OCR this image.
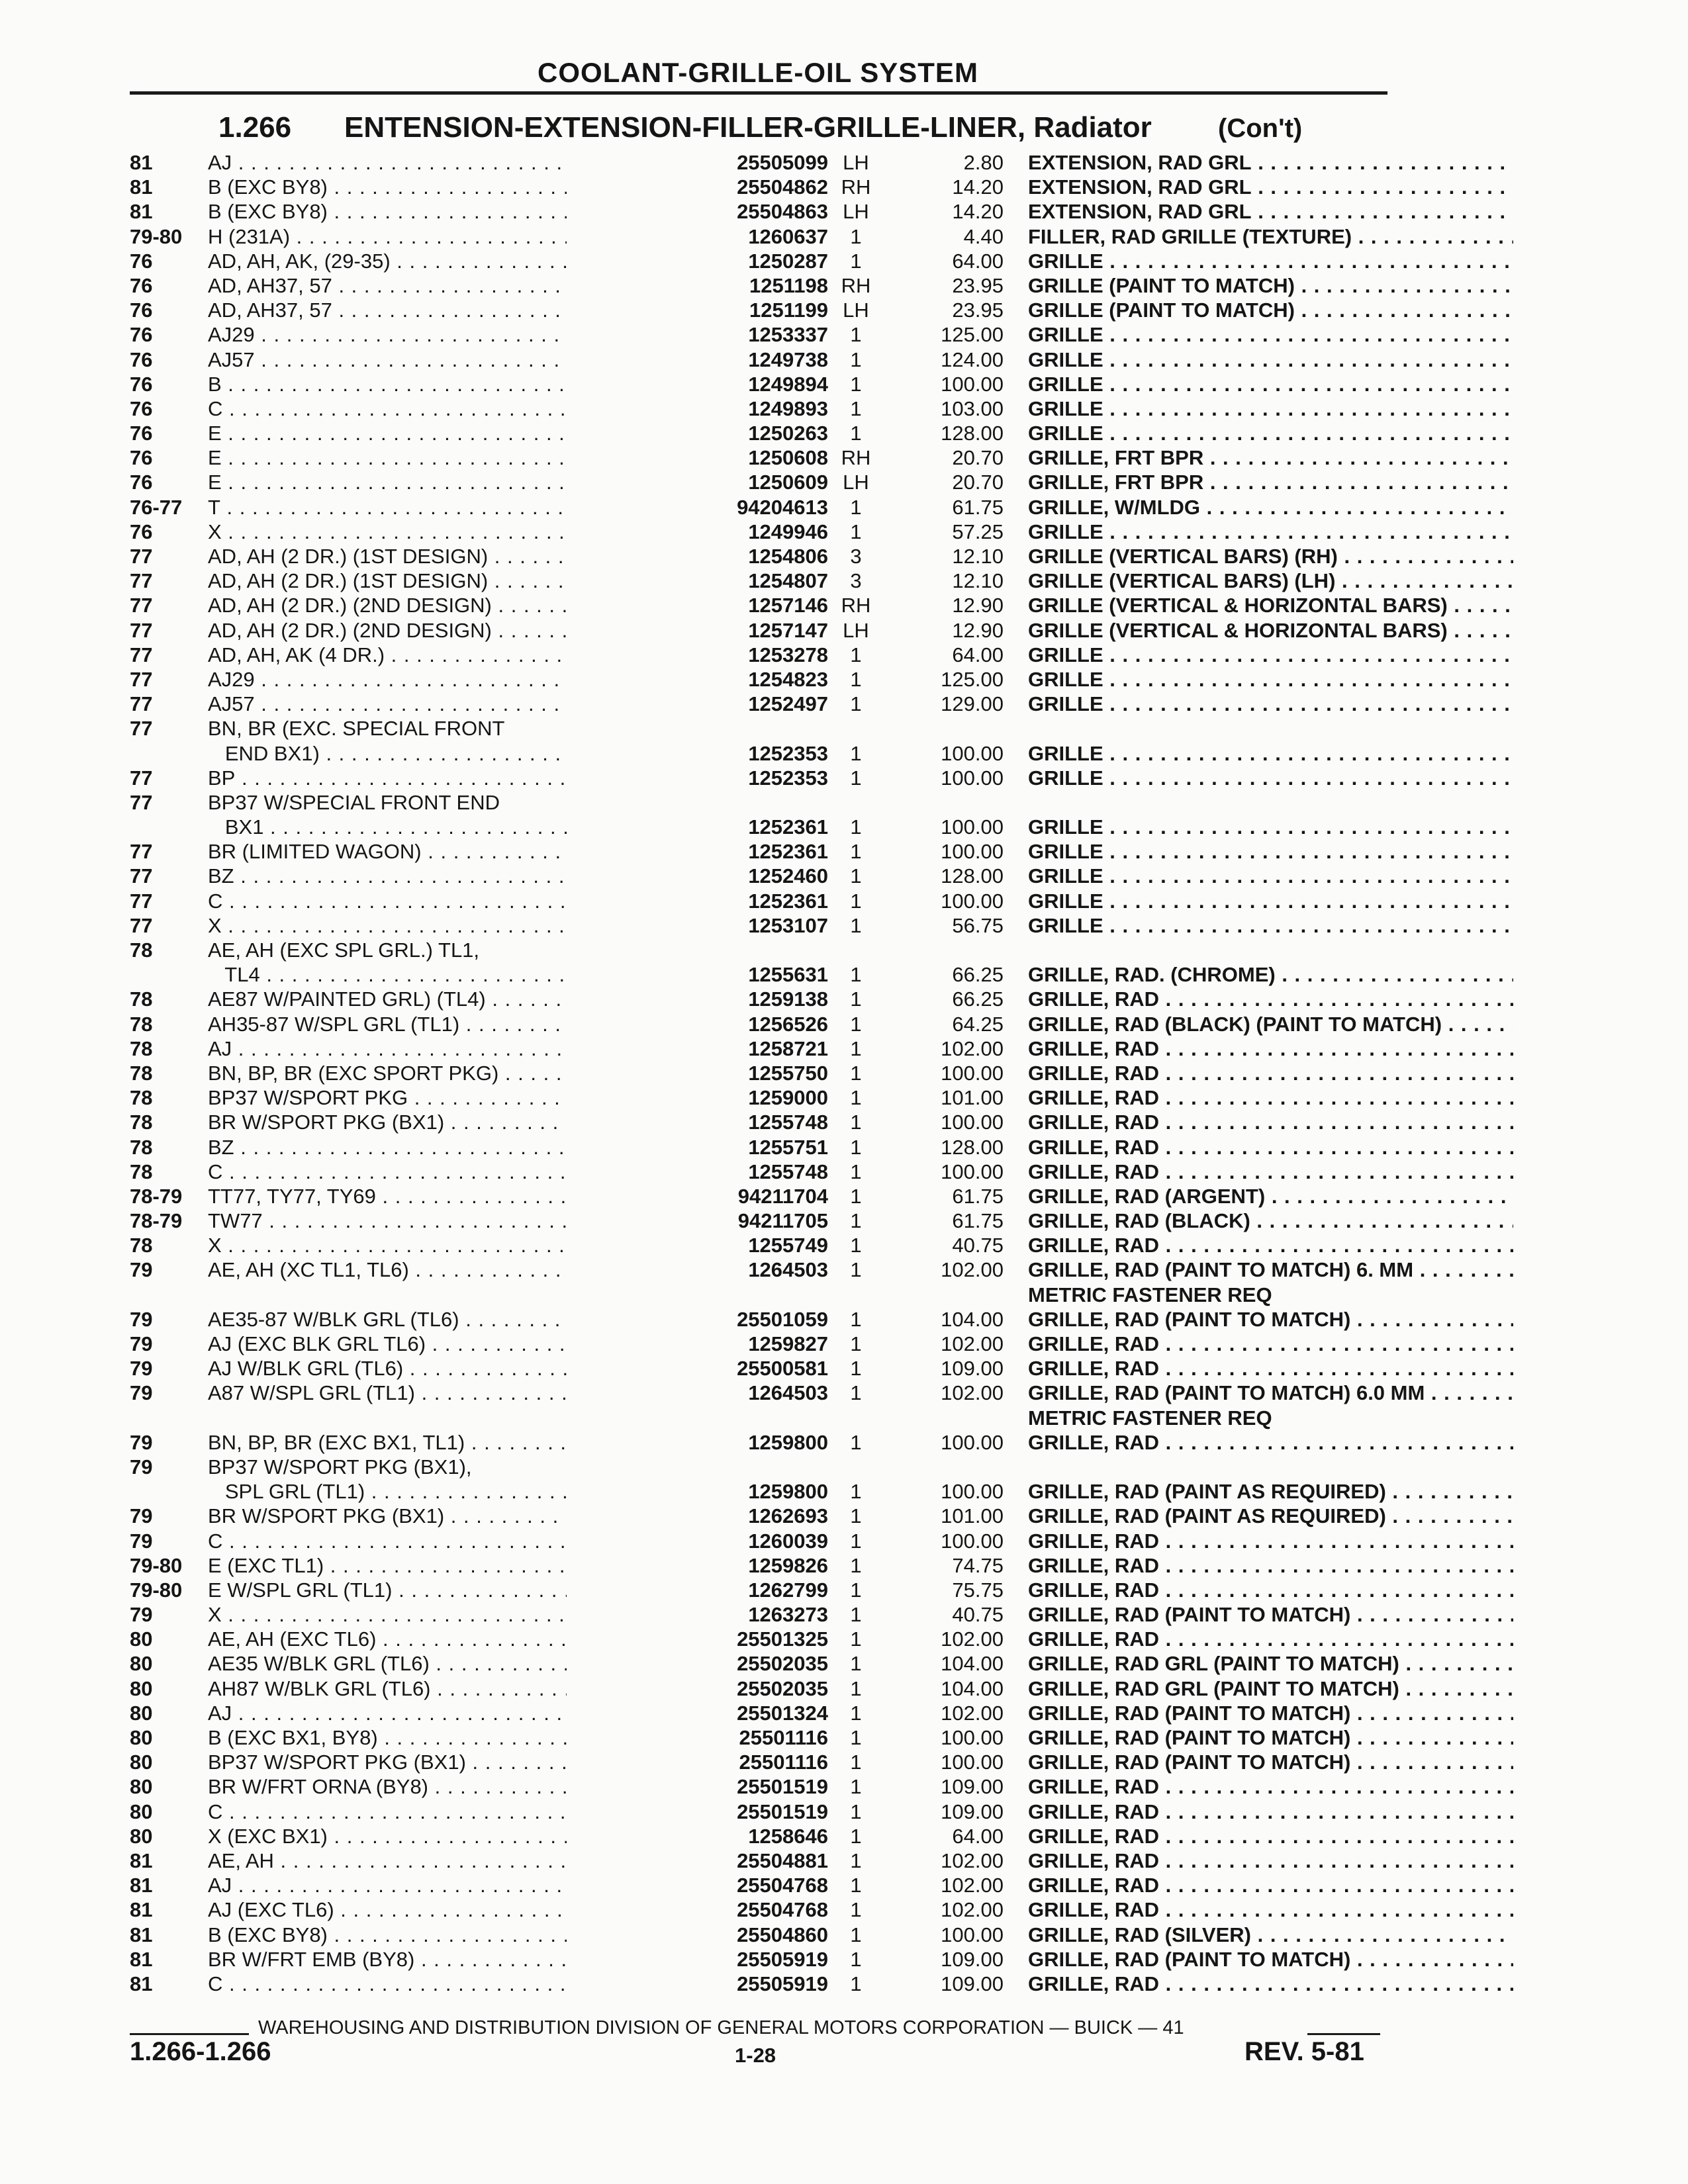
COOLANT-GRILLE-OIL SYSTEM
1.266 ENTENSION-EXTENSION-FILLER-GRILLE-LINER, Radiator	(Con't)
81	AJ . . .	25505099 LH	2.80 EXTENSION, RAD GRL . . .
81	B (EXC BY8) . . .	25504862 RH	14.20 EXTENSION, RAD GRL . . .
81	B (EXC BY8) . . .	25504863 LH	14.20 EXTENSION, RAD GRL . . .
79-80	H (231A) . . .	1260637	1	4.40 FILLER, RAD GRILLE (TEXTURE) . . .
76	AD, AH, AK, (29-35) . . .	1250287	1	64.00 GRILLE . . .
76	AD, AH37, 57 . . .	1251198 RH	23.95 GRILLE (PAINT TO MATCH) . . .
76	AD, AH37, 57 . . .	1251199 LH	23.95 GRILLE (PAINT TO MATCH) . . .
76	AJ29 . . .	1253337	1	125.00 GRILLE . . .
76	AJ57 . . .	1249738	1	124.00 GRILLE . . .
76	B . . .	1249894	1	100.00 GRILLE . . .
76	C . . .	1249893	1	103.00 GRILLE . . .
76	E . . .	1250263	1	128.00 GRILLE . . .
76	E . . .	1250608 RH	20.70 GRILLE, FRT BPR . . .
76	E . . .	1250609 LH	20.70 GRILLE, FRT BPR . . .
76-77	T . . .	94204613	1	61.75 GRILLE, W/MLDG . . .
76	X . . .	1249946	1	57.25 GRILLE . . .
77	AD, AH (2 DR.) (1ST DESIGN) . . .	1254806	3	12.10 GRILLE (VERTICAL BARS) (RH) . . .
77	AD, AH (2 DR.) (1ST DESIGN) . . .	1254807	3	12.10 GRILLE (VERTICAL BARS) (LH) . . .
77	AD, AH (2 DR.) (2ND DESIGN) . . .	1257146 RH	12.90 GRILLE (VERTICAL & HORIZONTAL BARS) . . .
77	AD, AH (2 DR.) (2ND DESIGN) . . .	1257147 LH	12.90 GRILLE (VERTICAL & HORIZONTAL BARS) . . .
77	AD, AH, AK (4 DR.) . . .	1253278	1	64.00 GRILLE . . .
77	AJ29 . . .	1254823	1	125.00 GRILLE . . .
77	AJ57 . . .	1252497	1	129.00 GRILLE . . .
77	BN, BR (EXC. SPECIAL FRONT
END BX1) . . .	1252353	1	100.00 GRILLE . . .
77	BP . . .	1252353	1	100.00 GRILLE . . .
77	BP37 W/SPECIAL FRONT END
BX1 . . .	1252361	1	100.00 GRILLE . . .
77	BR (LIMITED WAGON) . . .	1252361	1	100.00 GRILLE . . .
77	BZ . . .	1252460	1	128.00 GRILLE . . .
77	C . . .	1252361	1	100.00 GRILLE . . .
77	X . . .	1253107	1	56.75 GRILLE . . .
78	AE, AH (EXC SPL GRL.) TL1,
TL4 . . .	1255631	1	66.25 GRILLE, RAD. (CHROME) . . .
78	AE87 W/PAINTED GRL) (TL4) . . .	1259138	1	66.25 GRILLE, RAD . . .
78	AH35-87 W/SPL GRL (TL1) . . .	1256526	1	64.25 GRILLE, RAD (BLACK) (PAINT TO MATCH) . . .
78	AJ . . .	1258721	1	102.00 GRILLE, RAD . . .
78	BN, BP, BR (EXC SPORT PKG) . . .	1255750	1	100.00 GRILLE, RAD . . .
78	BP37 W/SPORT PKG . . .	1259000	1	101.00 GRILLE, RAD . . .
78	BR W/SPORT PKG (BX1) . . .	1255748	1	100.00 GRILLE, RAD . . .
78	BZ . . .	1255751	1	128.00 GRILLE, RAD . . .
78	C . . .	1255748	1	100.00 GRILLE, RAD . . .
78-79	TT77, TY77, TY69 . . .	94211704	1	61.75 GRILLE, RAD (ARGENT) . . .
78-79	TW77 . . .	94211705	1	61.75 GRILLE, RAD (BLACK) . . .
78	X . . .	1255749	1	40.75 GRILLE, RAD . . .
79	AE, AH (XC TL1, TL6) . . .	1264503	1	102.00 GRILLE, RAD (PAINT TO MATCH) 6. MM . . .
METRIC FASTENER REQ
79	AE35-87 W/BLK GRL (TL6) . . .	25501059	1	104.00 GRILLE, RAD (PAINT TO MATCH) . . .
79	AJ (EXC BLK GRL TL6) . . .	1259827	1	102.00 GRILLE, RAD . . .
79	AJ W/BLK GRL (TL6) . . .	25500581	1	109.00 GRILLE, RAD . . .
79	A87 W/SPL GRL (TL1) . . .	1264503	1	102.00 GRILLE, RAD (PAINT TO MATCH) 6.0 MM . . .
METRIC FASTENER REQ
79	BN, BP, BR (EXC BX1, TL1) . . .	1259800	1	100.00 GRILLE, RAD . . .
79	BP37 W/SPORT PKG (BX1),
SPL GRL (TL1) . . .	1259800	1	100.00 GRILLE, RAD (PAINT AS REQUIRED) . . .
79	BR W/SPORT PKG (BX1) . . .	1262693	1	101.00 GRILLE, RAD (PAINT AS REQUIRED) . . .
79	C . . .	1260039	1	100.00 GRILLE, RAD . . .
79-80	E (EXC TL1) . . .	1259826	1	74.75 GRILLE, RAD . . .
79-80	E W/SPL GRL (TL1) . . .	1262799	1	75.75 GRILLE, RAD . . .
79	X . . .	1263273	1	40.75 GRILLE, RAD (PAINT TO MATCH) . . .
80	AE, AH (EXC TL6) . . .	25501325	1	102.00 GRILLE, RAD . . .
80	AE35 W/BLK GRL (TL6) . . .	25502035	1	104.00 GRILLE, RAD GRL (PAINT TO MATCH) . . .
80	AH87 W/BLK GRL (TL6) . . .	25502035	1	104.00 GRILLE, RAD GRL (PAINT TO MATCH) . . .
80	AJ . . .	25501324	1	102.00 GRILLE, RAD (PAINT TO MATCH) . . .
80	B (EXC BX1, BY8) . . .	25501116	1	100.00 GRILLE, RAD (PAINT TO MATCH) . . .
80	BP37 W/SPORT PKG (BX1) . . .	25501116	1	100.00 GRILLE, RAD (PAINT TO MATCH) . . .
80	BR W/FRT ORNA (BY8) . . .	25501519	1	109.00 GRILLE, RAD . . .
80	C . . .	25501519	1	109.00 GRILLE, RAD . . .
80	X (EXC BX1) . . .	1258646	1	64.00 GRILLE, RAD . . .
81	AE, AH . . .	25504881	1	102.00 GRILLE, RAD . . .
81	AJ . . .	25504768	1	102.00 GRILLE, RAD . . .
81	AJ (EXC TL6) . . .	25504768	1	102.00 GRILLE, RAD . . .
81	B (EXC BY8) . . .	25504860	1	100.00 GRILLE, RAD (SILVER) . . .
81	BR W/FRT EMB (BY8) . . .	25505919	1	109.00 GRILLE, RAD (PAINT TO MATCH) . . .
81	C . . .	25505919	1	109.00 GRILLE, RAD . . .
WAREHOUSING AND DISTRIBUTION DIVISION OF GENERAL MOTORS CORPORATION — BUICK — 41
1.266-1.266	1-28	REV. 5-81
